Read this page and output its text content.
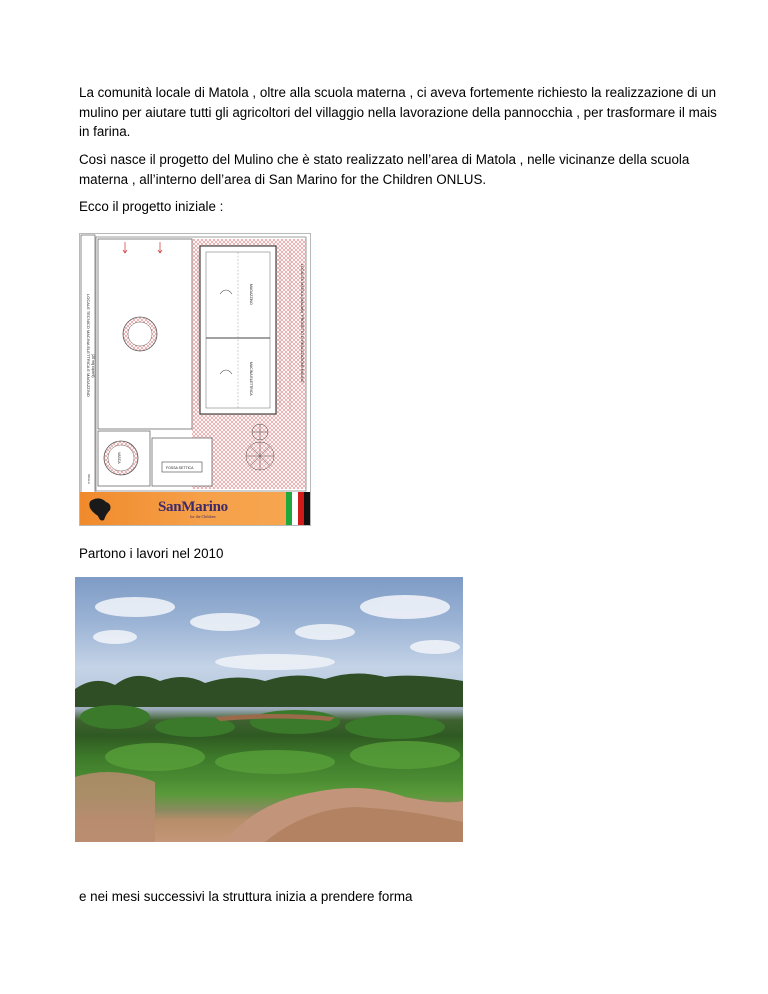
La comunità locale di Matola , oltre alla scuola materna , ci aveva fortemente richiesto la realizzazione di un mulino per aiutare tutti gli agricoltori del villaggio nella lavorazione della pannocchia , per trasformare il mais in farina.

Così nasce il progetto del Mulino che è stato realizzato nell’area di Matola , nelle vicinanze della scuola materna , all’interno dell’area di San Marino for the Children ONLUS.

Ecco il progetto iniziale :

LOCALE TECNICO MACINA ELETTRICA E MAGAZZINO (20 mq coperti)
SCALA
MAGAZZINO
MACINA ELETTRICA	LOCALITA' MATOLA (MALAWI) "PROGETTO DI REALIZZAZIONE MULINO"
VASCA
FOSSA SETTICA
SanMarino
for the Children

Partono i lavori nel 2010

e nei mesi successivi la struttura inizia a prendere forma
